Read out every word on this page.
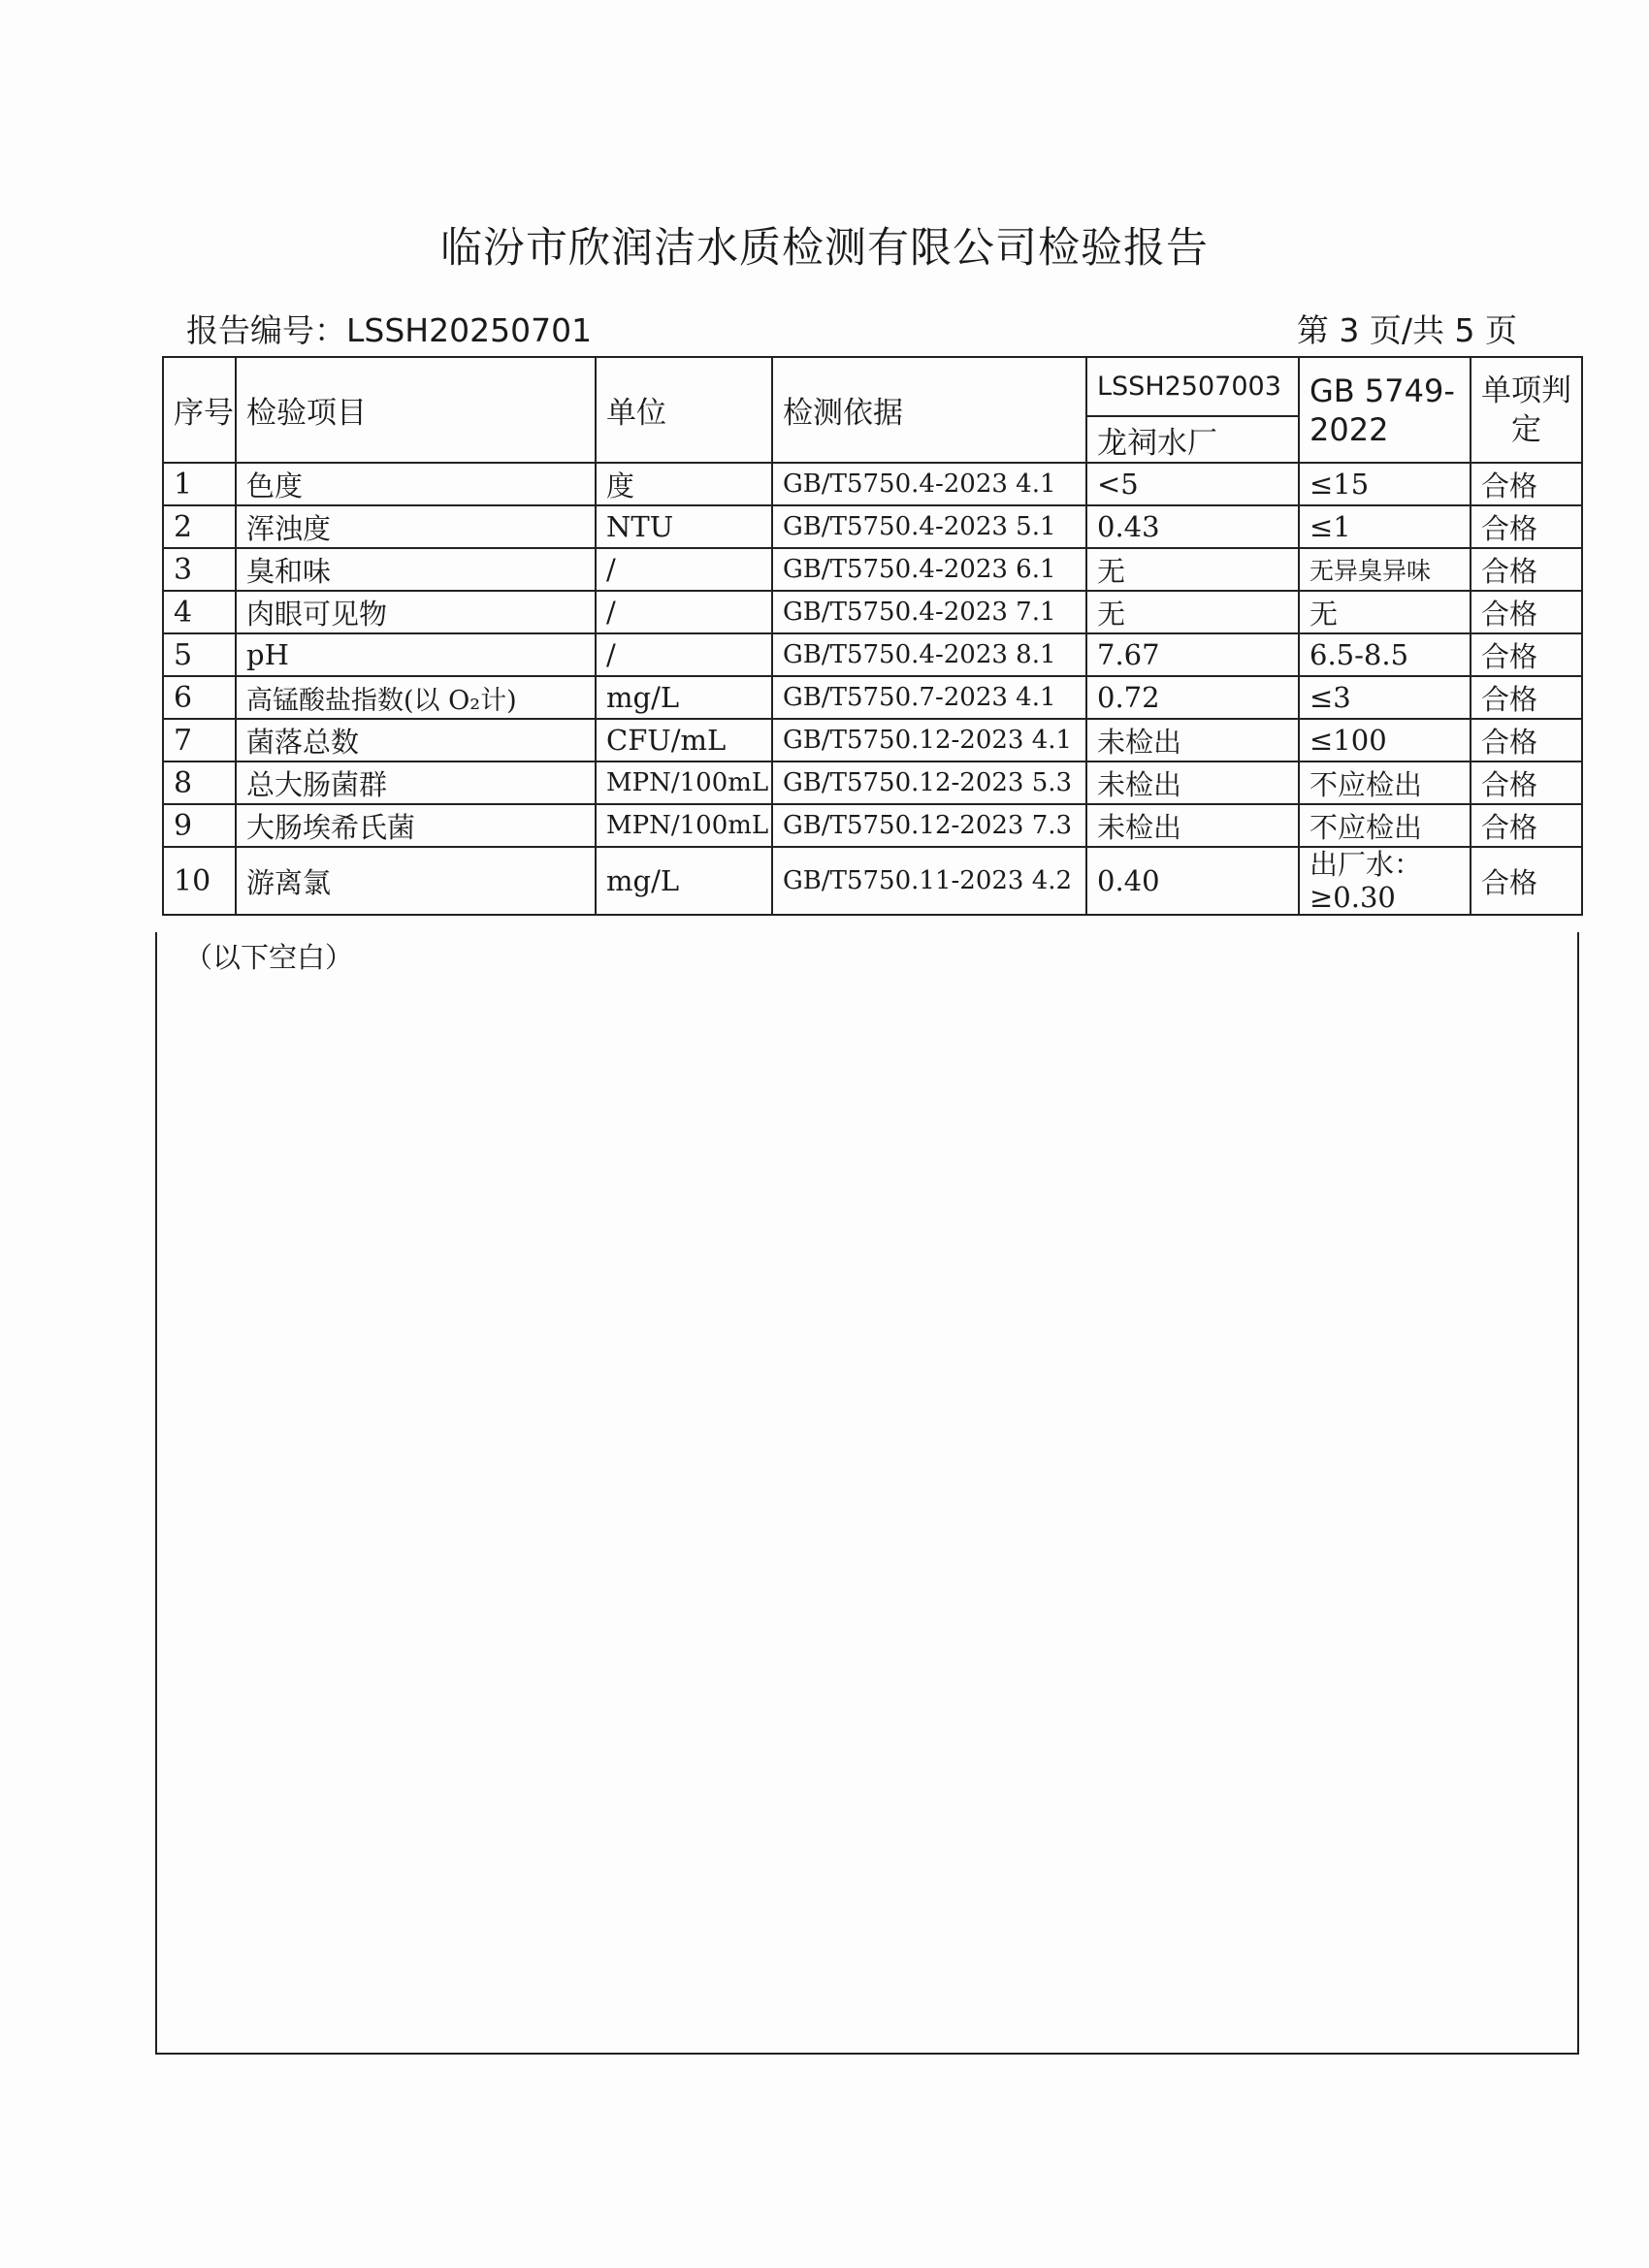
临汾市欣润洁水质检测有限公司检验报告
报告编号：LSSH20250701	第 3 页/共 5 页
序号	检验项目	单位	检测依据	LSSH2507003	GB 5749-2022	单项判定
				龙祠水厂		
1	色度	度	GB/T5750.4-2023 4.1	<5	≤15	合格
2	浑浊度	NTU	GB/T5750.4-2023 5.1	0.43	≤1	合格
3	臭和味	/	GB/T5750.4-2023 6.1	无	无异臭异味	合格
4	肉眼可见物	/	GB/T5750.4-2023 7.1	无	无	合格
5	pH	/	GB/T5750.4-2023 8.1	7.67	6.5-8.5	合格
6	高锰酸盐指数(以 O₂计)	mg/L	GB/T5750.7-2023 4.1	0.72	≤3	合格
7	菌落总数	CFU/mL	GB/T5750.12-2023 4.1	未检出	≤100	合格
8	总大肠菌群	MPN/100mL	GB/T5750.12-2023 5.3	未检出	不应检出	合格
9	大肠埃希氏菌	MPN/100mL	GB/T5750.12-2023 7.3	未检出	不应检出	合格
10	游离氯	mg/L	GB/T5750.11-2023 4.2	0.40	出厂水：≥0.30	合格
（以下空白）
